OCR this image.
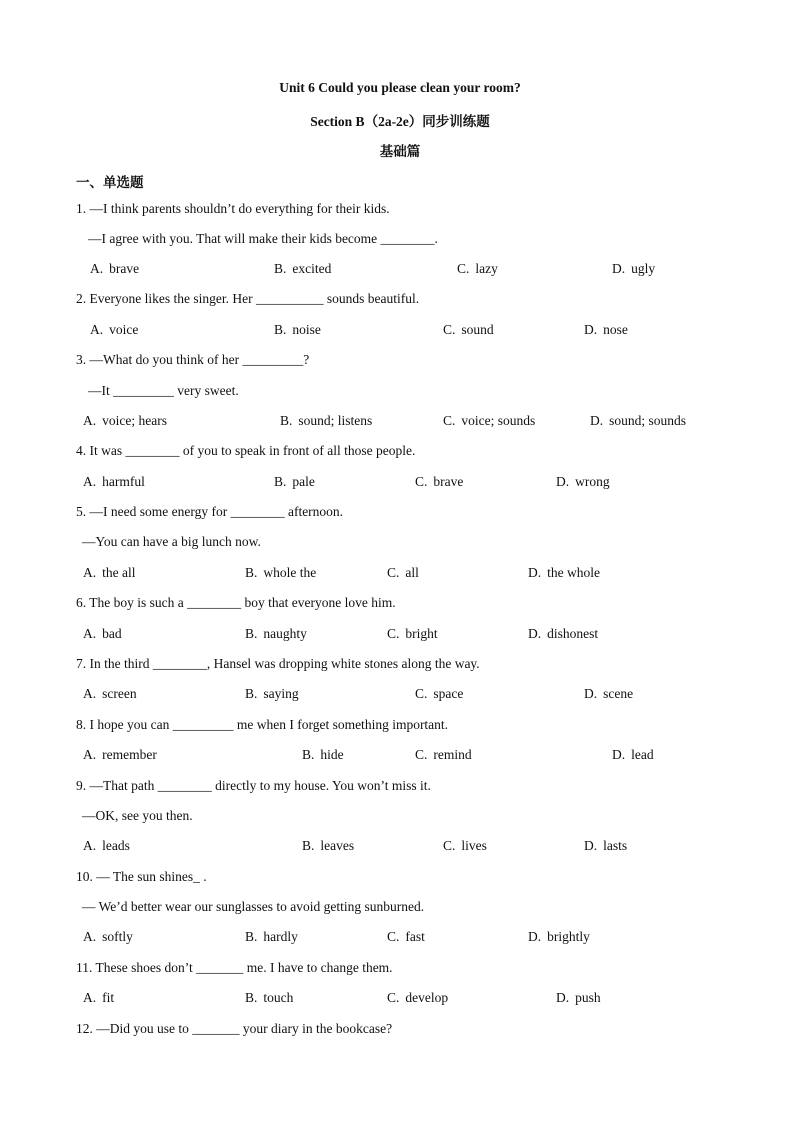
Unit 6 Could you please clean your room?
Section B（2a-2e）同步训练题
基础篇
一、单选题
1. —I think parents shouldn’t do everything for their kids.
—I agree with you. That will make their kids become ________.
A. brave	B. excited	C. lazy	D. ugly
2. Everyone likes the singer. Her __________ sounds beautiful.
A. voice	B. noise	C. sound	D. nose
3. —What do you think of her _________?
—It _________ very sweet.
A. voice; hears	B. sound; listens	C. voice; sounds	D. sound; sounds
4. It was ________ of you to speak in front of all those people.
A. harmful	B. pale	C. brave	D. wrong
5. —I need some energy for ________ afternoon.
—You can have a big lunch now.
A. the all	B. whole the	C. all	D. the whole
6. The boy is such a ________ boy that everyone love him.
A. bad	B. naughty	C. bright	D. dishonest
7. In the third ________, Hansel was dropping white stones along the way.
A. screen	B. saying	C. space	D. scene
8. I hope you can _________ me when I forget something important.
A. remember	B. hide	C. remind	D. lead
9. —That path ________ directly to my house. You won’t miss it.
—OK, see you then.
A. leads	B. leaves	C. lives	D. lasts
10. — The sun shines_ .
— We’d better wear our sunglasses to avoid getting sunburned.
A. softly	B. hardly	C. fast	D. brightly
11. These shoes don’t _______ me. I have to change them.
A. fit	B. touch	C. develop	D. push
12. —Did you use to _______ your diary in the bookcase?
